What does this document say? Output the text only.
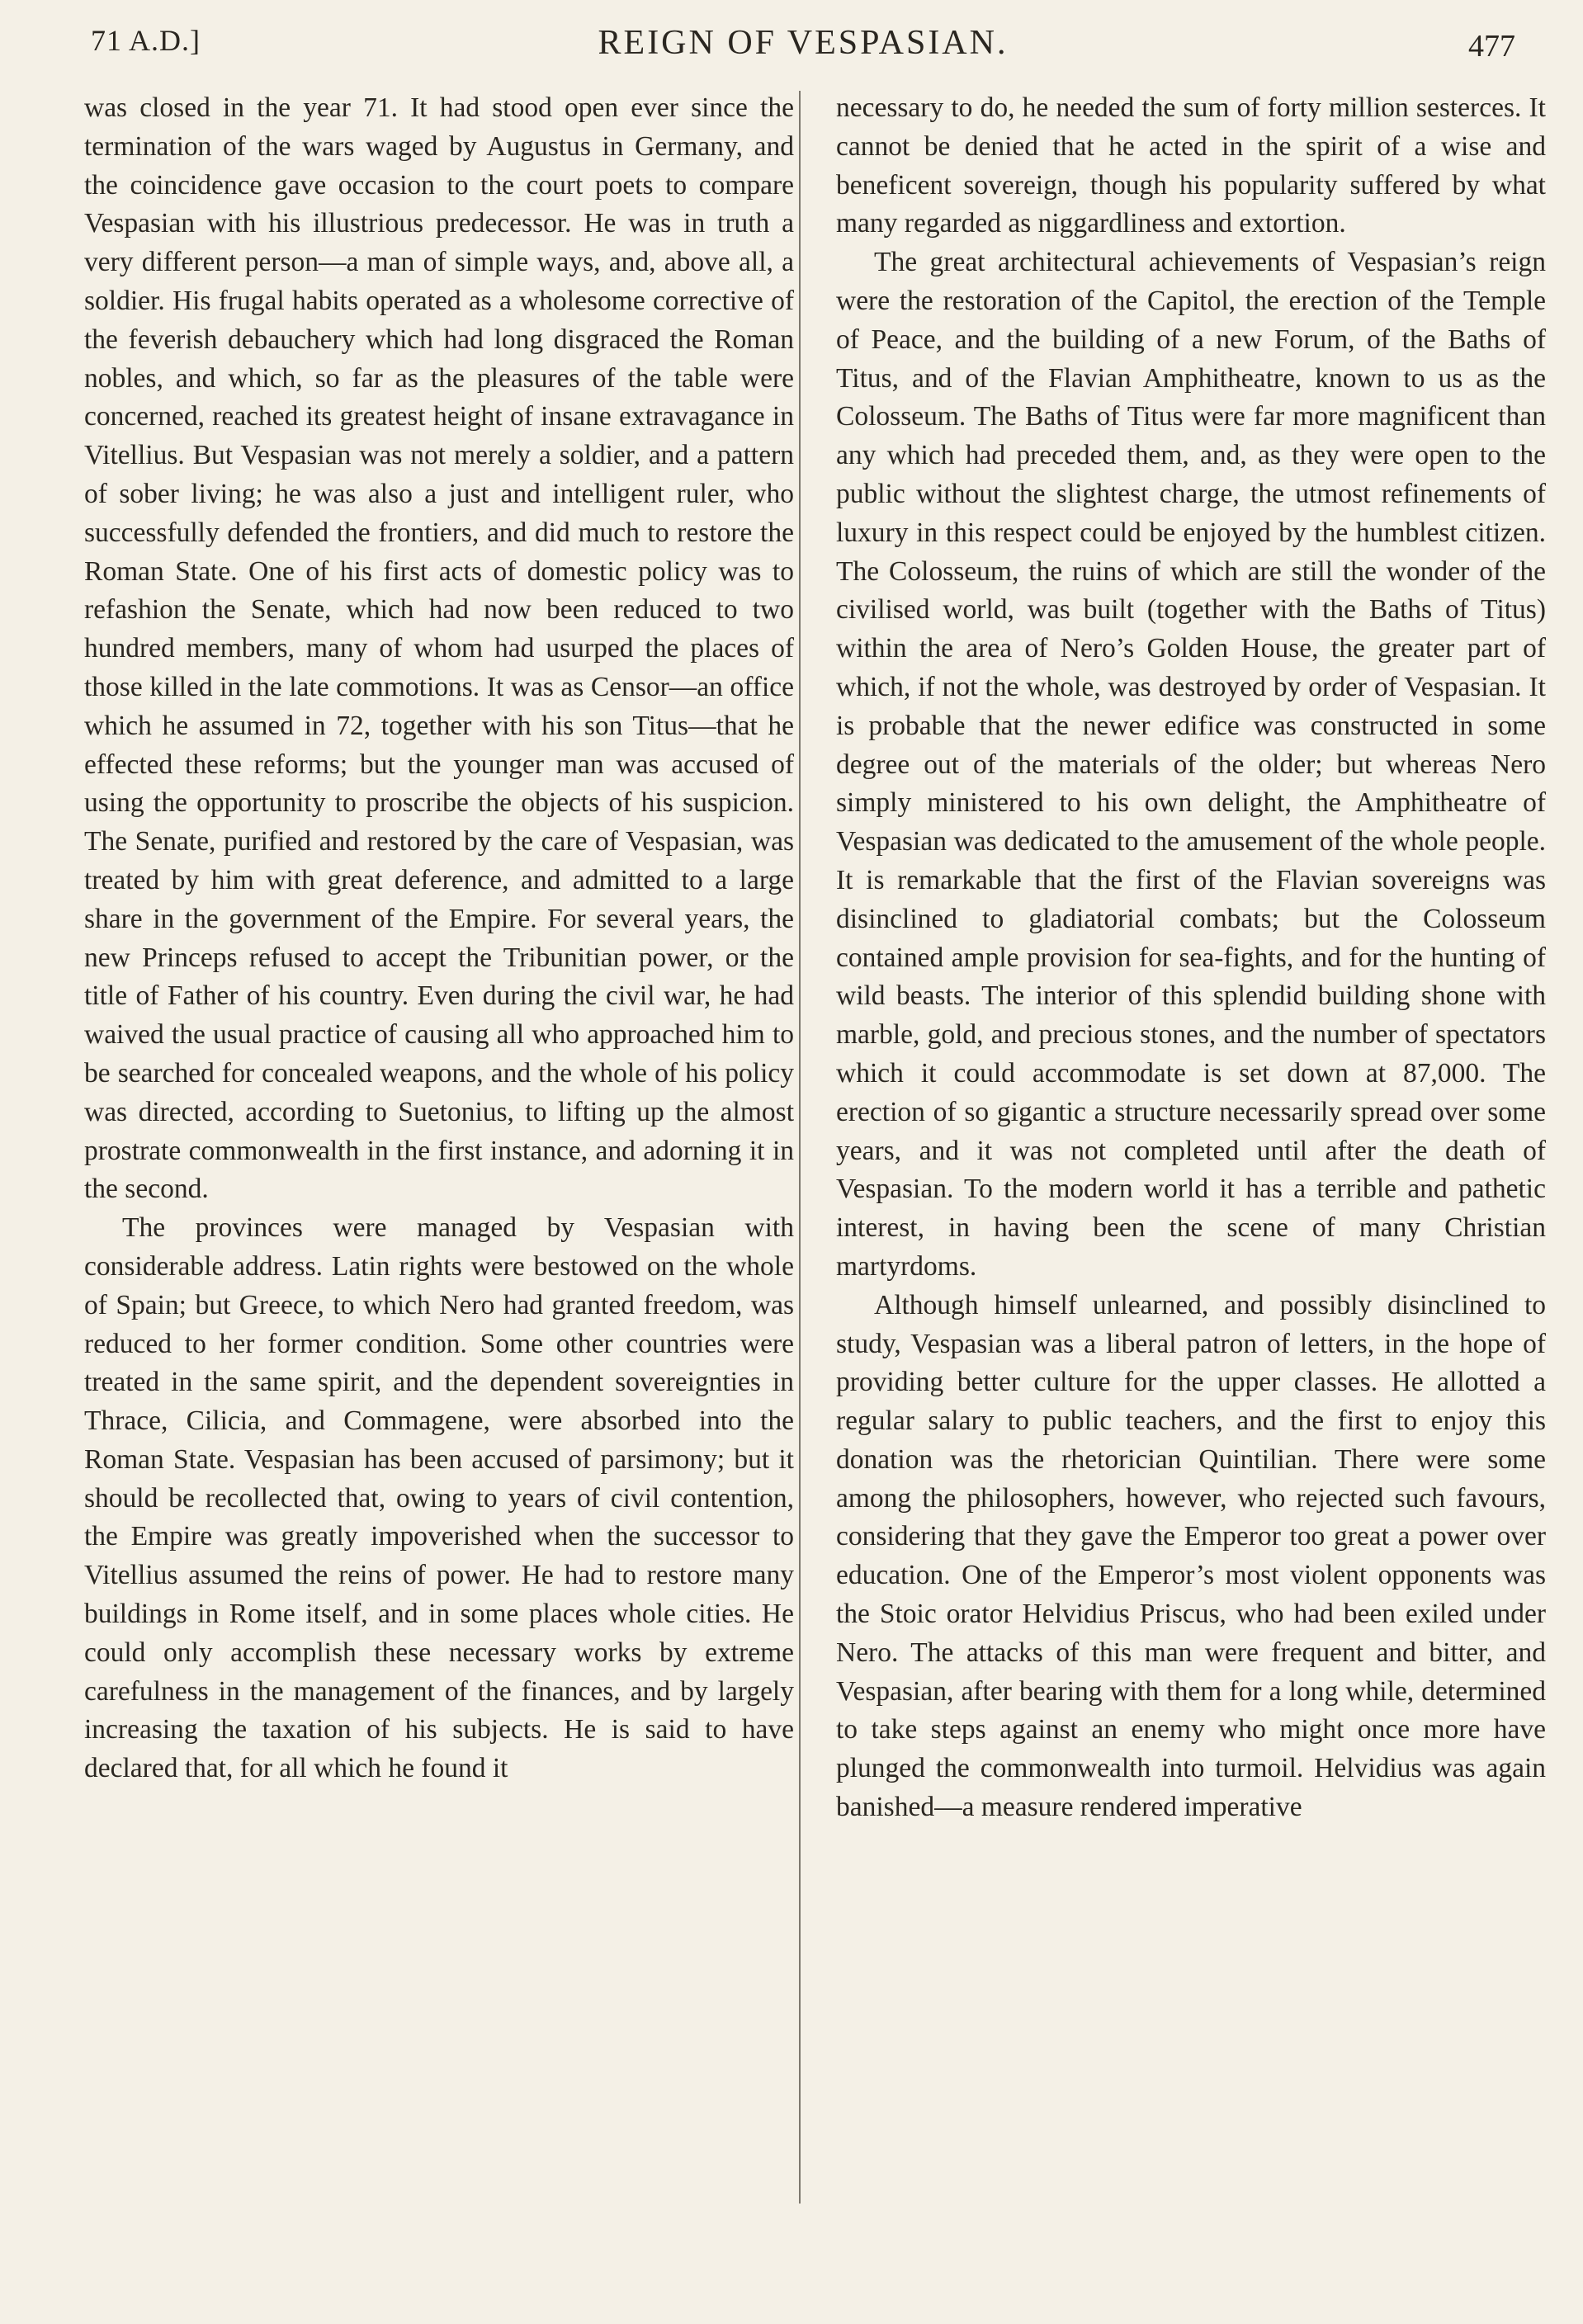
71 A.D.]	REIGN OF VESPASIAN.	477

was closed in the year 71. It had stood open ever since the termination of the wars waged by Augustus in Germany, and the coincidence gave occasion to the court poets to compare Vespasian with his illustrious predecessor. He was in truth a very different person—a man of simple ways, and, above all, a soldier. His frugal habits operated as a wholesome corrective of the feverish debauchery which had long disgraced the Roman nobles, and which, so far as the pleasures of the table were concerned, reached its greatest height of insane extravagance in Vitellius. But Vespasian was not merely a soldier, and a pattern of sober living; he was also a just and intelligent ruler, who successfully defended the frontiers, and did much to restore the Roman State. One of his first acts of domestic policy was to refashion the Senate, which had now been reduced to two hundred members, many of whom had usurped the places of those killed in the late commotions. It was as Censor—an office which he assumed in 72, together with his son Titus—that he effected these reforms; but the younger man was accused of using the opportunity to proscribe the objects of his suspicion. The Senate, purified and restored by the care of Vespasian, was treated by him with great deference, and admitted to a large share in the government of the Empire. For several years, the new Princeps refused to accept the Tribunitian power, or the title of Father of his country. Even during the civil war, he had waived the usual practice of causing all who approached him to be searched for concealed weapons, and the whole of his policy was directed, according to Suetonius, to lifting up the almost prostrate commonwealth in the first instance, and adorning it in the second.

The provinces were managed by Vespasian with considerable address. Latin rights were bestowed on the whole of Spain; but Greece, to which Nero had granted freedom, was reduced to her former condition. Some other countries were treated in the same spirit, and the dependent sovereignties in Thrace, Cilicia, and Commagene, were absorbed into the Roman State. Vespasian has been accused of parsimony; but it should be recollected that, owing to years of civil contention, the Empire was greatly impoverished when the successor to Vitellius assumed the reins of power. He had to restore many buildings in Rome itself, and in some places whole cities. He could only accomplish these necessary works by extreme carefulness in the management of the finances, and by largely increasing the taxation of his subjects. He is said to have declared that, for all which he found it

necessary to do, he needed the sum of forty million sesterces. It cannot be denied that he acted in the spirit of a wise and beneficent sovereign, though his popularity suffered by what many regarded as niggardliness and extortion.

The great architectural achievements of Vespasian’s reign were the restoration of the Capitol, the erection of the Temple of Peace, and the building of a new Forum, of the Baths of Titus, and of the Flavian Amphitheatre, known to us as the Colosseum. The Baths of Titus were far more magnificent than any which had preceded them, and, as they were open to the public without the slightest charge, the utmost refinements of luxury in this respect could be enjoyed by the humblest citizen. The Colosseum, the ruins of which are still the wonder of the civilised world, was built (together with the Baths of Titus) within the area of Nero’s Golden House, the greater part of which, if not the whole, was destroyed by order of Vespasian. It is probable that the newer edifice was constructed in some degree out of the materials of the older; but whereas Nero simply ministered to his own delight, the Amphitheatre of Vespasian was dedicated to the amusement of the whole people. It is remarkable that the first of the Flavian sovereigns was disinclined to gladiatorial combats; but the Colosseum contained ample provision for sea-fights, and for the hunting of wild beasts. The interior of this splendid building shone with marble, gold, and precious stones, and the number of spectators which it could accommodate is set down at 87,000. The erection of so gigantic a structure necessarily spread over some years, and it was not completed until after the death of Vespasian. To the modern world it has a terrible and pathetic interest, in having been the scene of many Christian martyrdoms.

Although himself unlearned, and possibly disinclined to study, Vespasian was a liberal patron of letters, in the hope of providing better culture for the upper classes. He allotted a regular salary to public teachers, and the first to enjoy this donation was the rhetorician Quintilian. There were some among the philosophers, however, who rejected such favours, considering that they gave the Emperor too great a power over education. One of the Emperor’s most violent opponents was the Stoic orator Helvidius Priscus, who had been exiled under Nero. The attacks of this man were frequent and bitter, and Vespasian, after bearing with them for a long while, determined to take steps against an enemy who might once more have plunged the commonwealth into turmoil. Helvidius was again banished—a measure rendered imperative
